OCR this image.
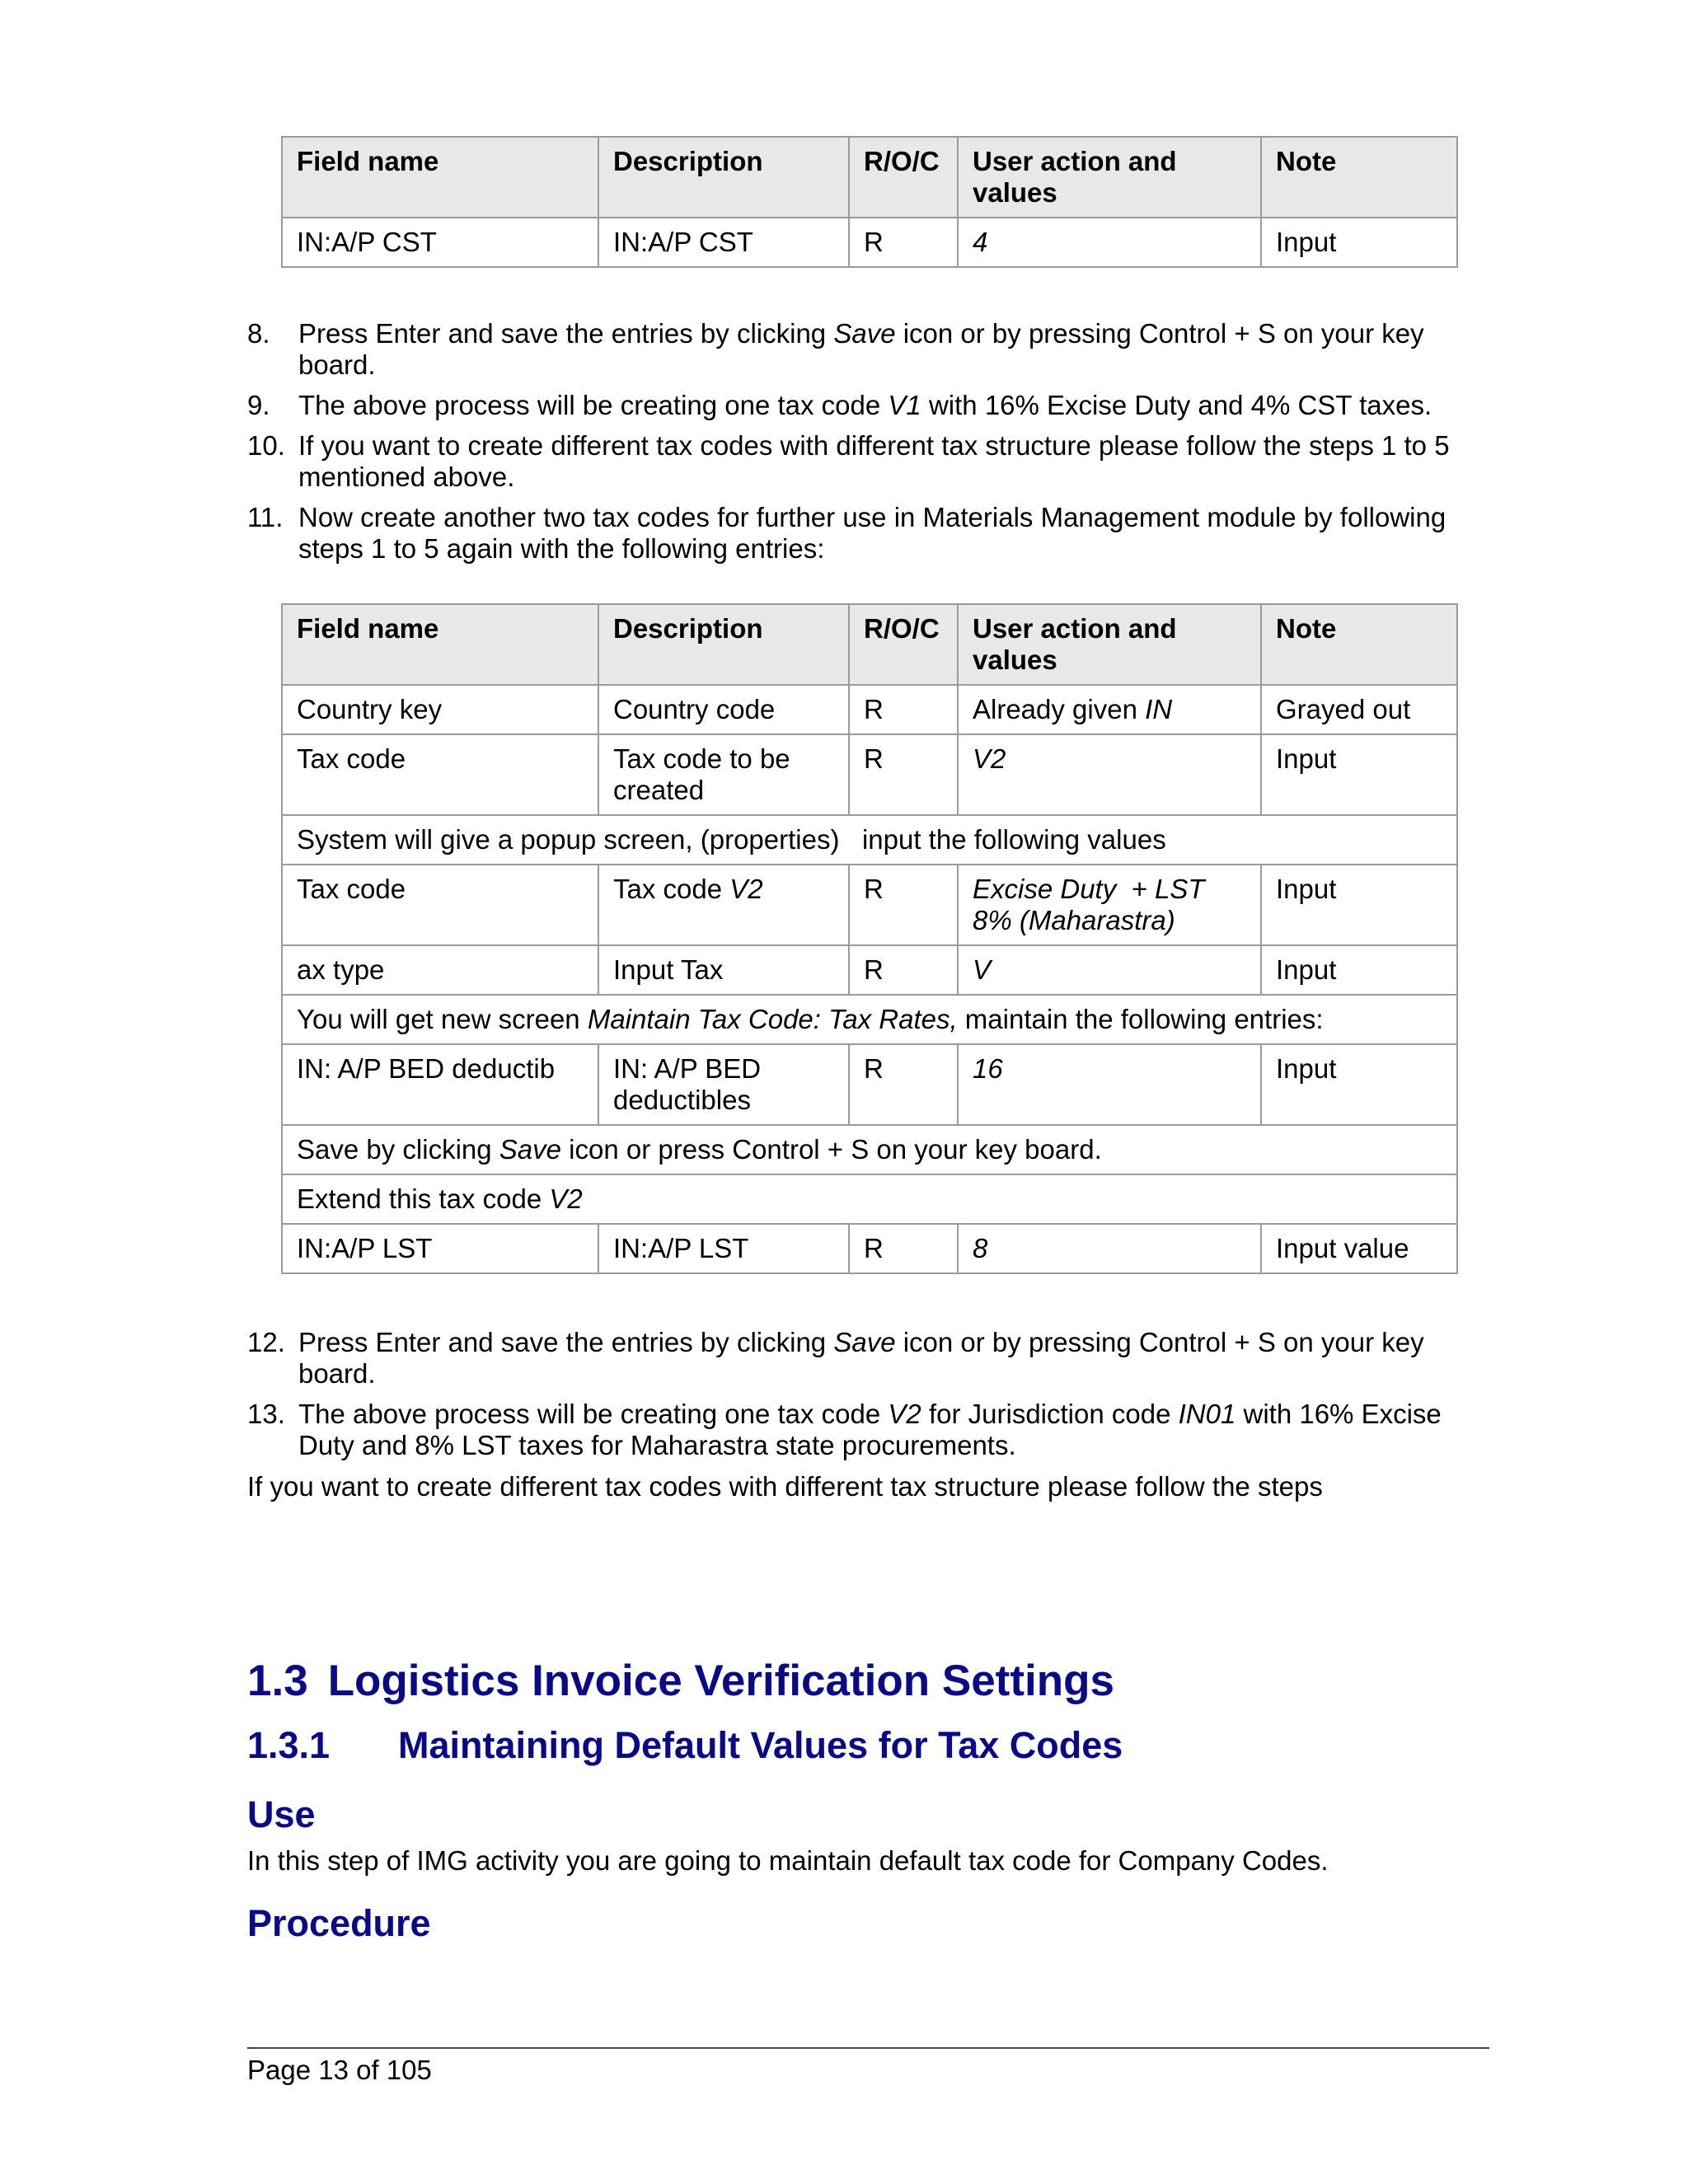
Field name	Description	R/O/C	User action and values	Note
IN:A/P CST	IN:A/P CST	R	4	Input
8. Press Enter and save the entries by clicking Save icon or by pressing Control + S on your key board.
9. The above process will be creating one tax code V1 with 16% Excise Duty and 4% CST taxes.
10. If you want to create different tax codes with different tax structure please follow the steps 1 to 5 mentioned above.
11. Now create another two tax codes for further use in Materials Management module by following steps 1 to 5 again with the following entries:
Field name	Description	R/O/C	User action and values	Note
Country key	Country code	R	Already given IN	Grayed out
Tax code	Tax code to be created	R	V2	Input
System will give a popup screen, (properties)   input the following values				
Tax code	Tax code V2	R	Excise Duty  + LST 8% (Maharastra)	Input
ax type	Input Tax	R	V	Input
You will get new screen Maintain Tax Code: Tax Rates, maintain the following entries:				
IN: A/P BED deductib	IN: A/P BED deductibles	R	16	Input
Save by clicking Save icon or press Control + S on your key board.				
Extend this tax code V2				
IN:A/P LST	IN:A/P LST	R	8	Input value
12. Press Enter and save the entries by clicking Save icon or by pressing Control + S on your key board.
13. The above process will be creating one tax code V2 for Jurisdiction code IN01 with 16% Excise Duty and 8% LST taxes for Maharastra state procurements.
If you want to create different tax codes with different tax structure please follow the steps
1.3 Logistics Invoice Verification Settings
1.3.1 Maintaining Default Values for Tax Codes
Use
In this step of IMG activity you are going to maintain default tax code for Company Codes.
Procedure
Page 13 of 105
